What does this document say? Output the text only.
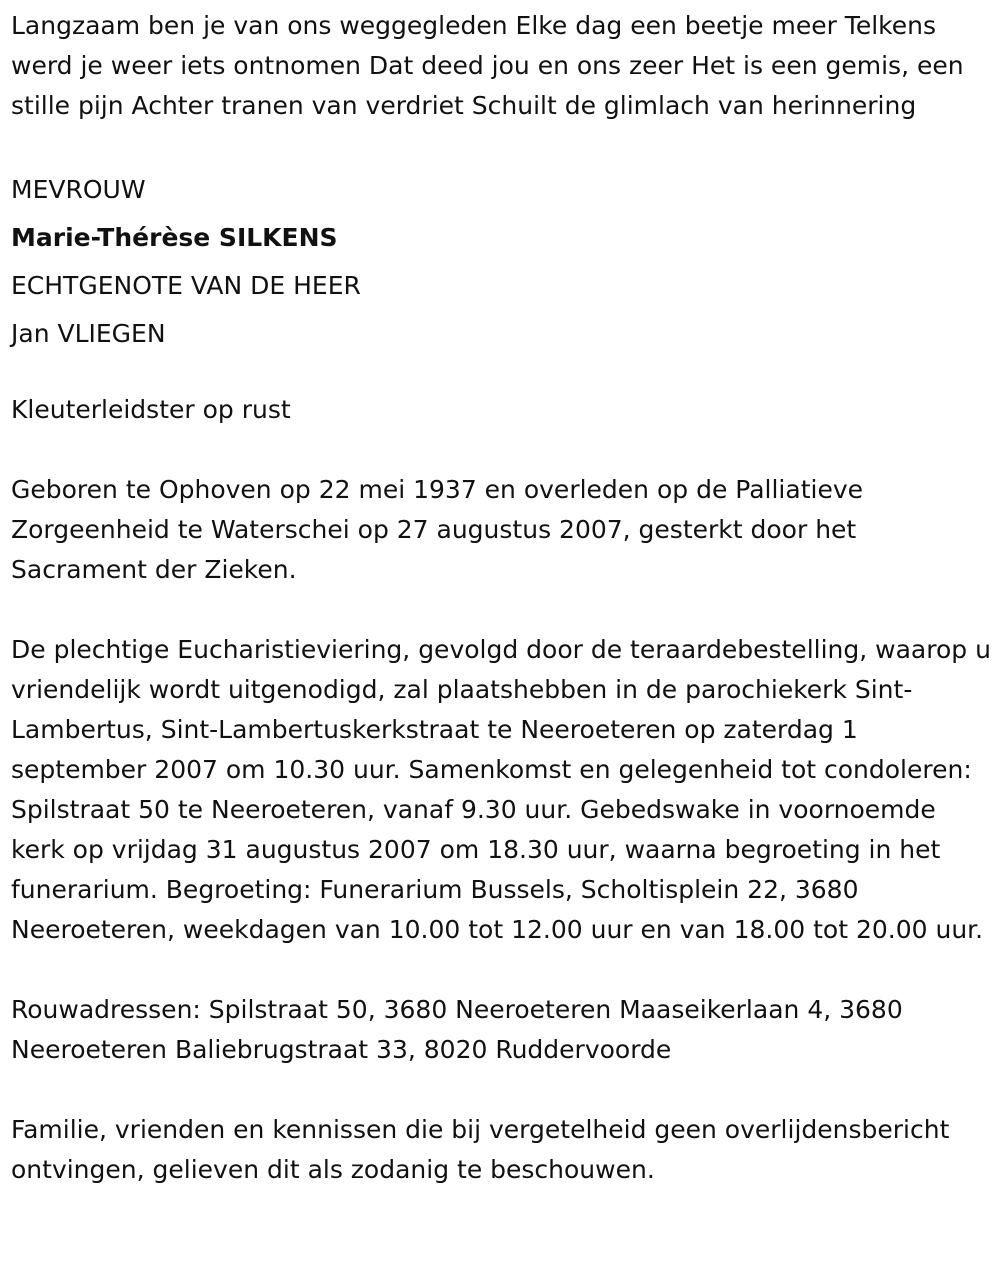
Langzaam ben je van ons weggegleden Elke dag een beetje meer Telkens werd je weer iets ontnomen Dat deed jou en ons zeer Het is een gemis, een stille pijn Achter tranen van verdriet Schuilt de glimlach van herinnering

MEVROUW

Marie-Thérèse SILKENS

ECHTGENOTE VAN DE HEER

Jan VLIEGEN

Kleuterleidster op rust

Geboren te Ophoven op 22 mei 1937 en overleden op de Palliatieve Zorgeenheid te Waterschei op 27 augustus 2007, gesterkt door het Sacrament der Zieken.

De plechtige Eucharistieviering, gevolgd door de teraardebestelling, waarop u vriendelijk wordt uitgenodigd, zal plaatshebben in de parochiekerk Sint-Lambertus, Sint-Lambertuskerkstraat te Neeroeteren op zaterdag 1 september 2007 om 10.30 uur. Samenkomst en gelegenheid tot condoleren: Spilstraat 50 te Neeroeteren, vanaf 9.30 uur. Gebedswake in voornoemde kerk op vrijdag 31 augustus 2007 om 18.30 uur, waarna begroeting in het funerarium. Begroeting: Funerarium Bussels, Scholtisplein 22, 3680 Neeroeteren, weekdagen van 10.00 tot 12.00 uur en van 18.00 tot 20.00 uur.

Rouwadressen: Spilstraat 50, 3680 Neeroeteren Maaseikerlaan 4, 3680 Neeroeteren Baliebrugstraat 33, 8020 Ruddervoorde

Familie, vrienden en kennissen die bij vergetelheid geen overlijdensbericht ontvingen, gelieven dit als zodanig te beschouwen.
